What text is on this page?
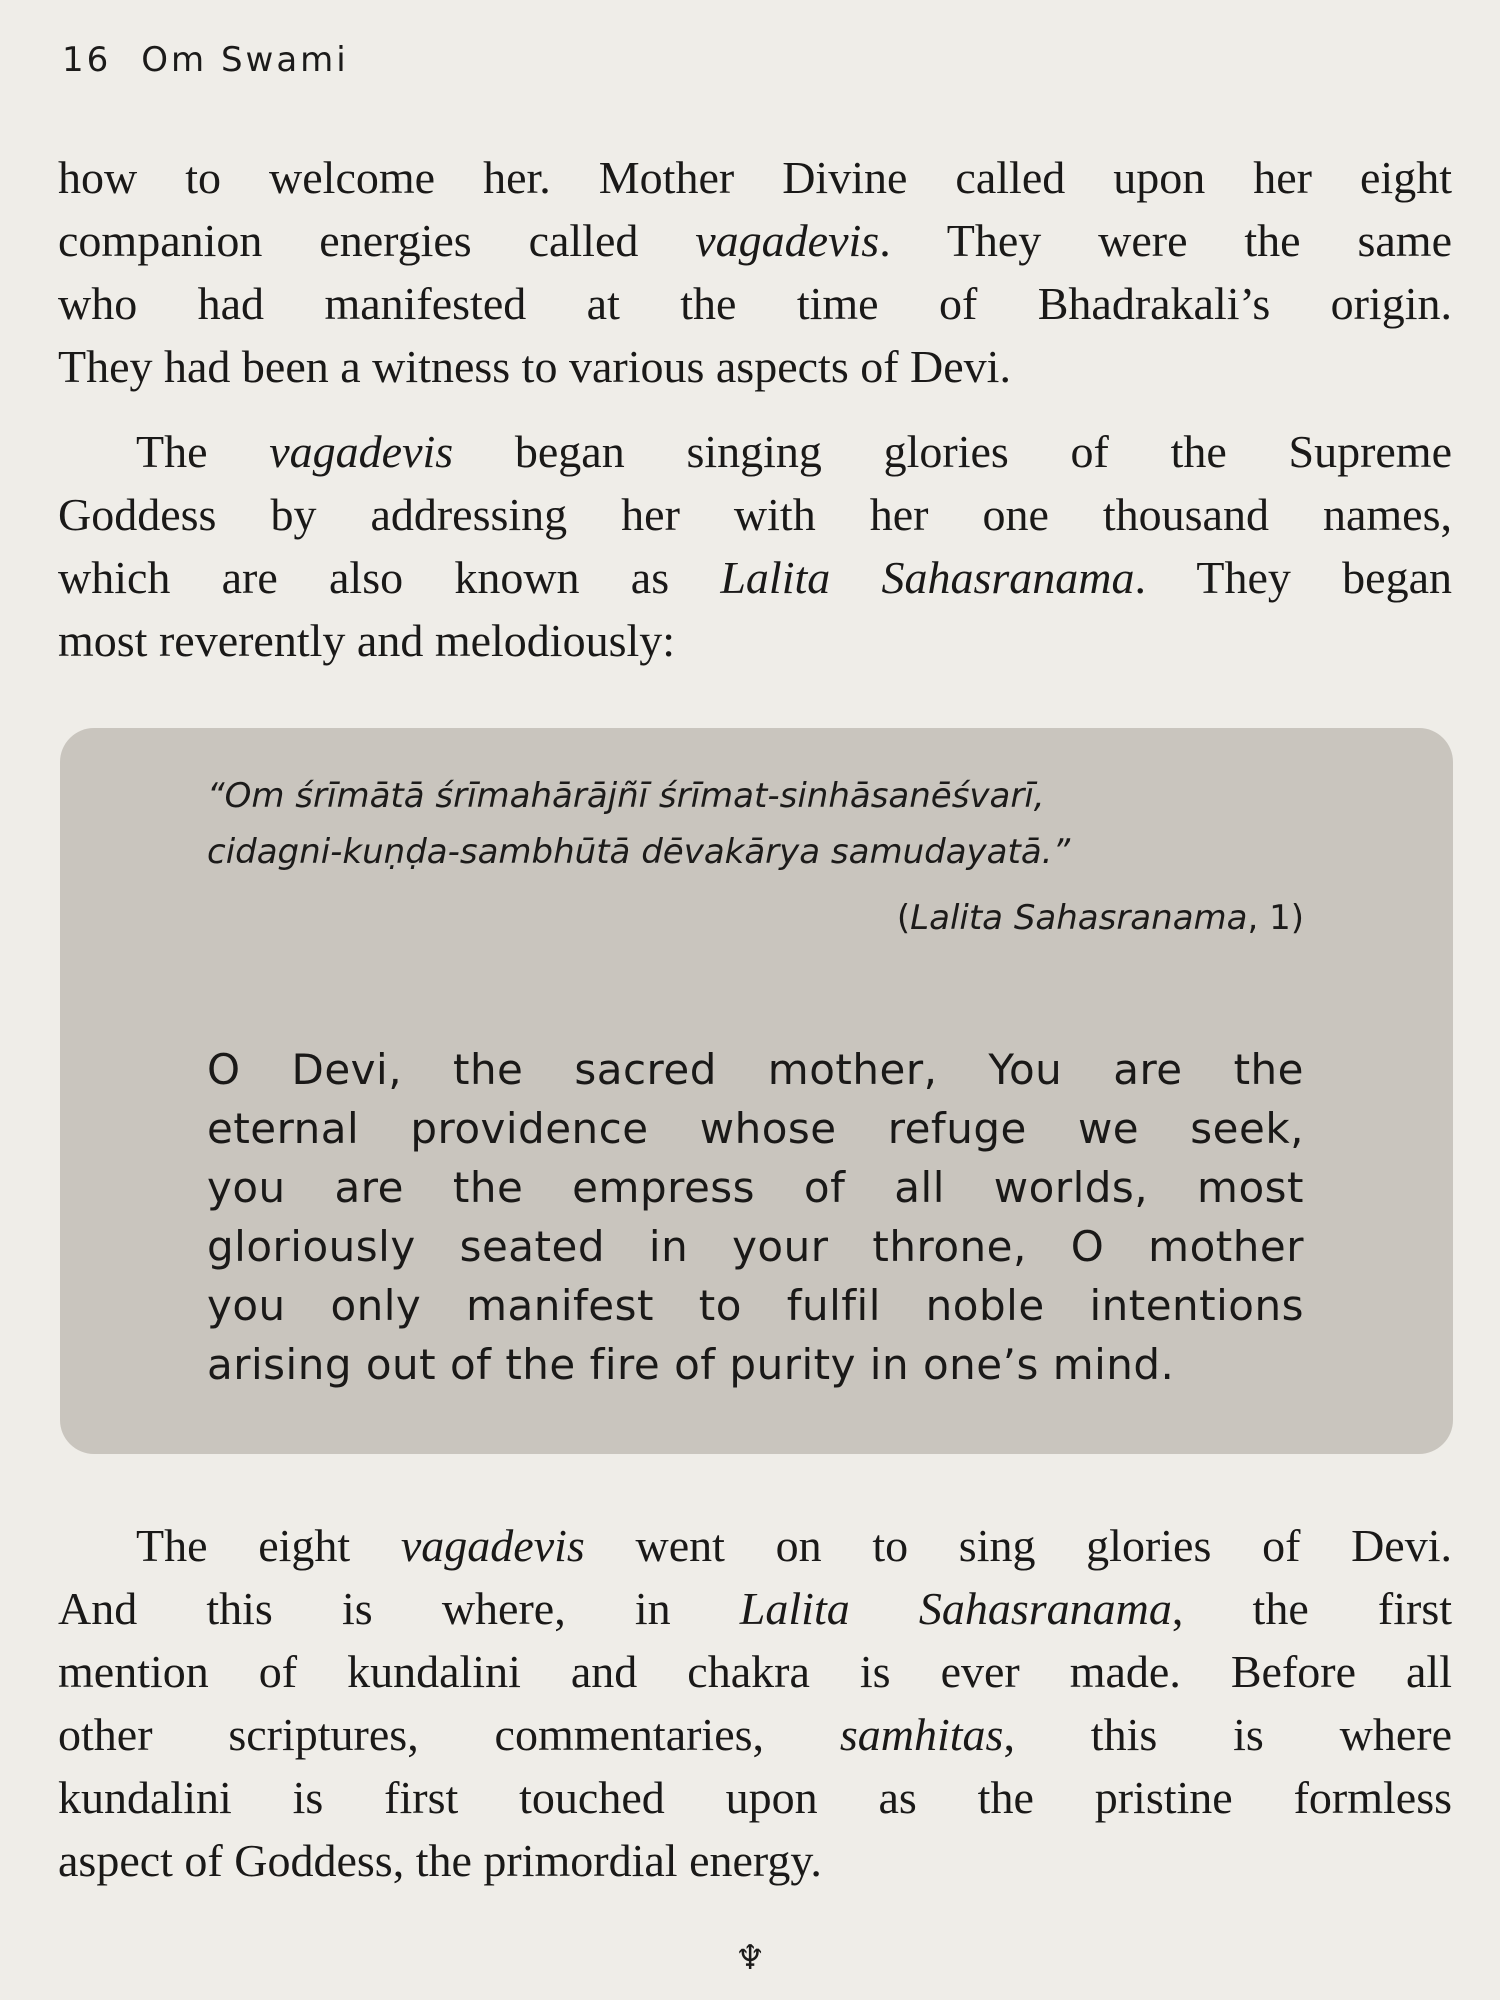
16 Om Swami
how to welcome her. Mother Divine called upon her eight
companion energies called vagadevis. They were the same
who had manifested at the time of Bhadrakali’s origin.
They had been a witness to various aspects of Devi.
The vagadevis began singing glories of the Supreme
Goddess by addressing her with her one thousand names,
which are also known as Lalita Sahasranama. They began
most reverently and melodiously:
“Om śrīmātā śrīmahārājñī śrīmat-sinhāsanēśvarī,
cidagni-kuṇḍa-sambhūtā dēvakārya samudayatā.”
(Lalita Sahasranama, 1)
O Devi, the sacred mother, You are the
eternal providence whose refuge we seek,
you are the empress of all worlds, most
gloriously seated in your throne, O mother
you only manifest to fulfil noble intentions
arising out of the fire of purity in one’s mind.
The eight vagadevis went on to sing glories of Devi.
And this is where, in Lalita Sahasranama, the first
mention of kundalini and chakra is ever made. Before all
other scriptures, commentaries, samhitas, this is where
kundalini is first touched upon as the pristine formless
aspect of Goddess, the primordial energy.
♆
